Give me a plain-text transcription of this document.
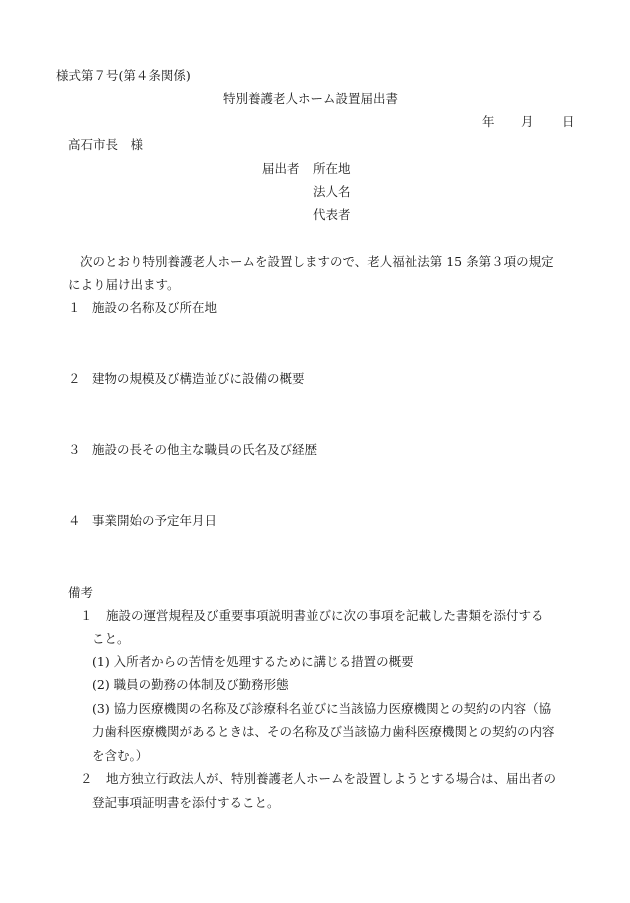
様式第７号(第４条関係)
特別養護老人ホーム設置届出書
年 月 日
高石市長　様
届出者 所在地
法人名
代表者
次のとおり特別養護老人ホームを設置しますので、老人福祉法第 15 条第３項の規定
により届け出ます。
１ 施設の名称及び所在地
２ 建物の規模及び構造並びに設備の概要
３ 施設の長その他主な職員の氏名及び経歴
４ 事業開始の予定年月日
備考
１ 施設の運営規程及び重要事項説明書並びに次の事項を記載した書類を添付する
こと。
(1) 入所者からの苦情を処理するために講じる措置の概要
(2) 職員の勤務の体制及び勤務形態
(3) 協力医療機関の名称及び診療科名並びに当該協力医療機関との契約の内容（協
力歯科医療機関があるときは、その名称及び当該協力歯科医療機関との契約の内容
を含む。）
２ 地方独立行政法人が、特別養護老人ホームを設置しようとする場合は、届出者の
登記事項証明書を添付すること。
